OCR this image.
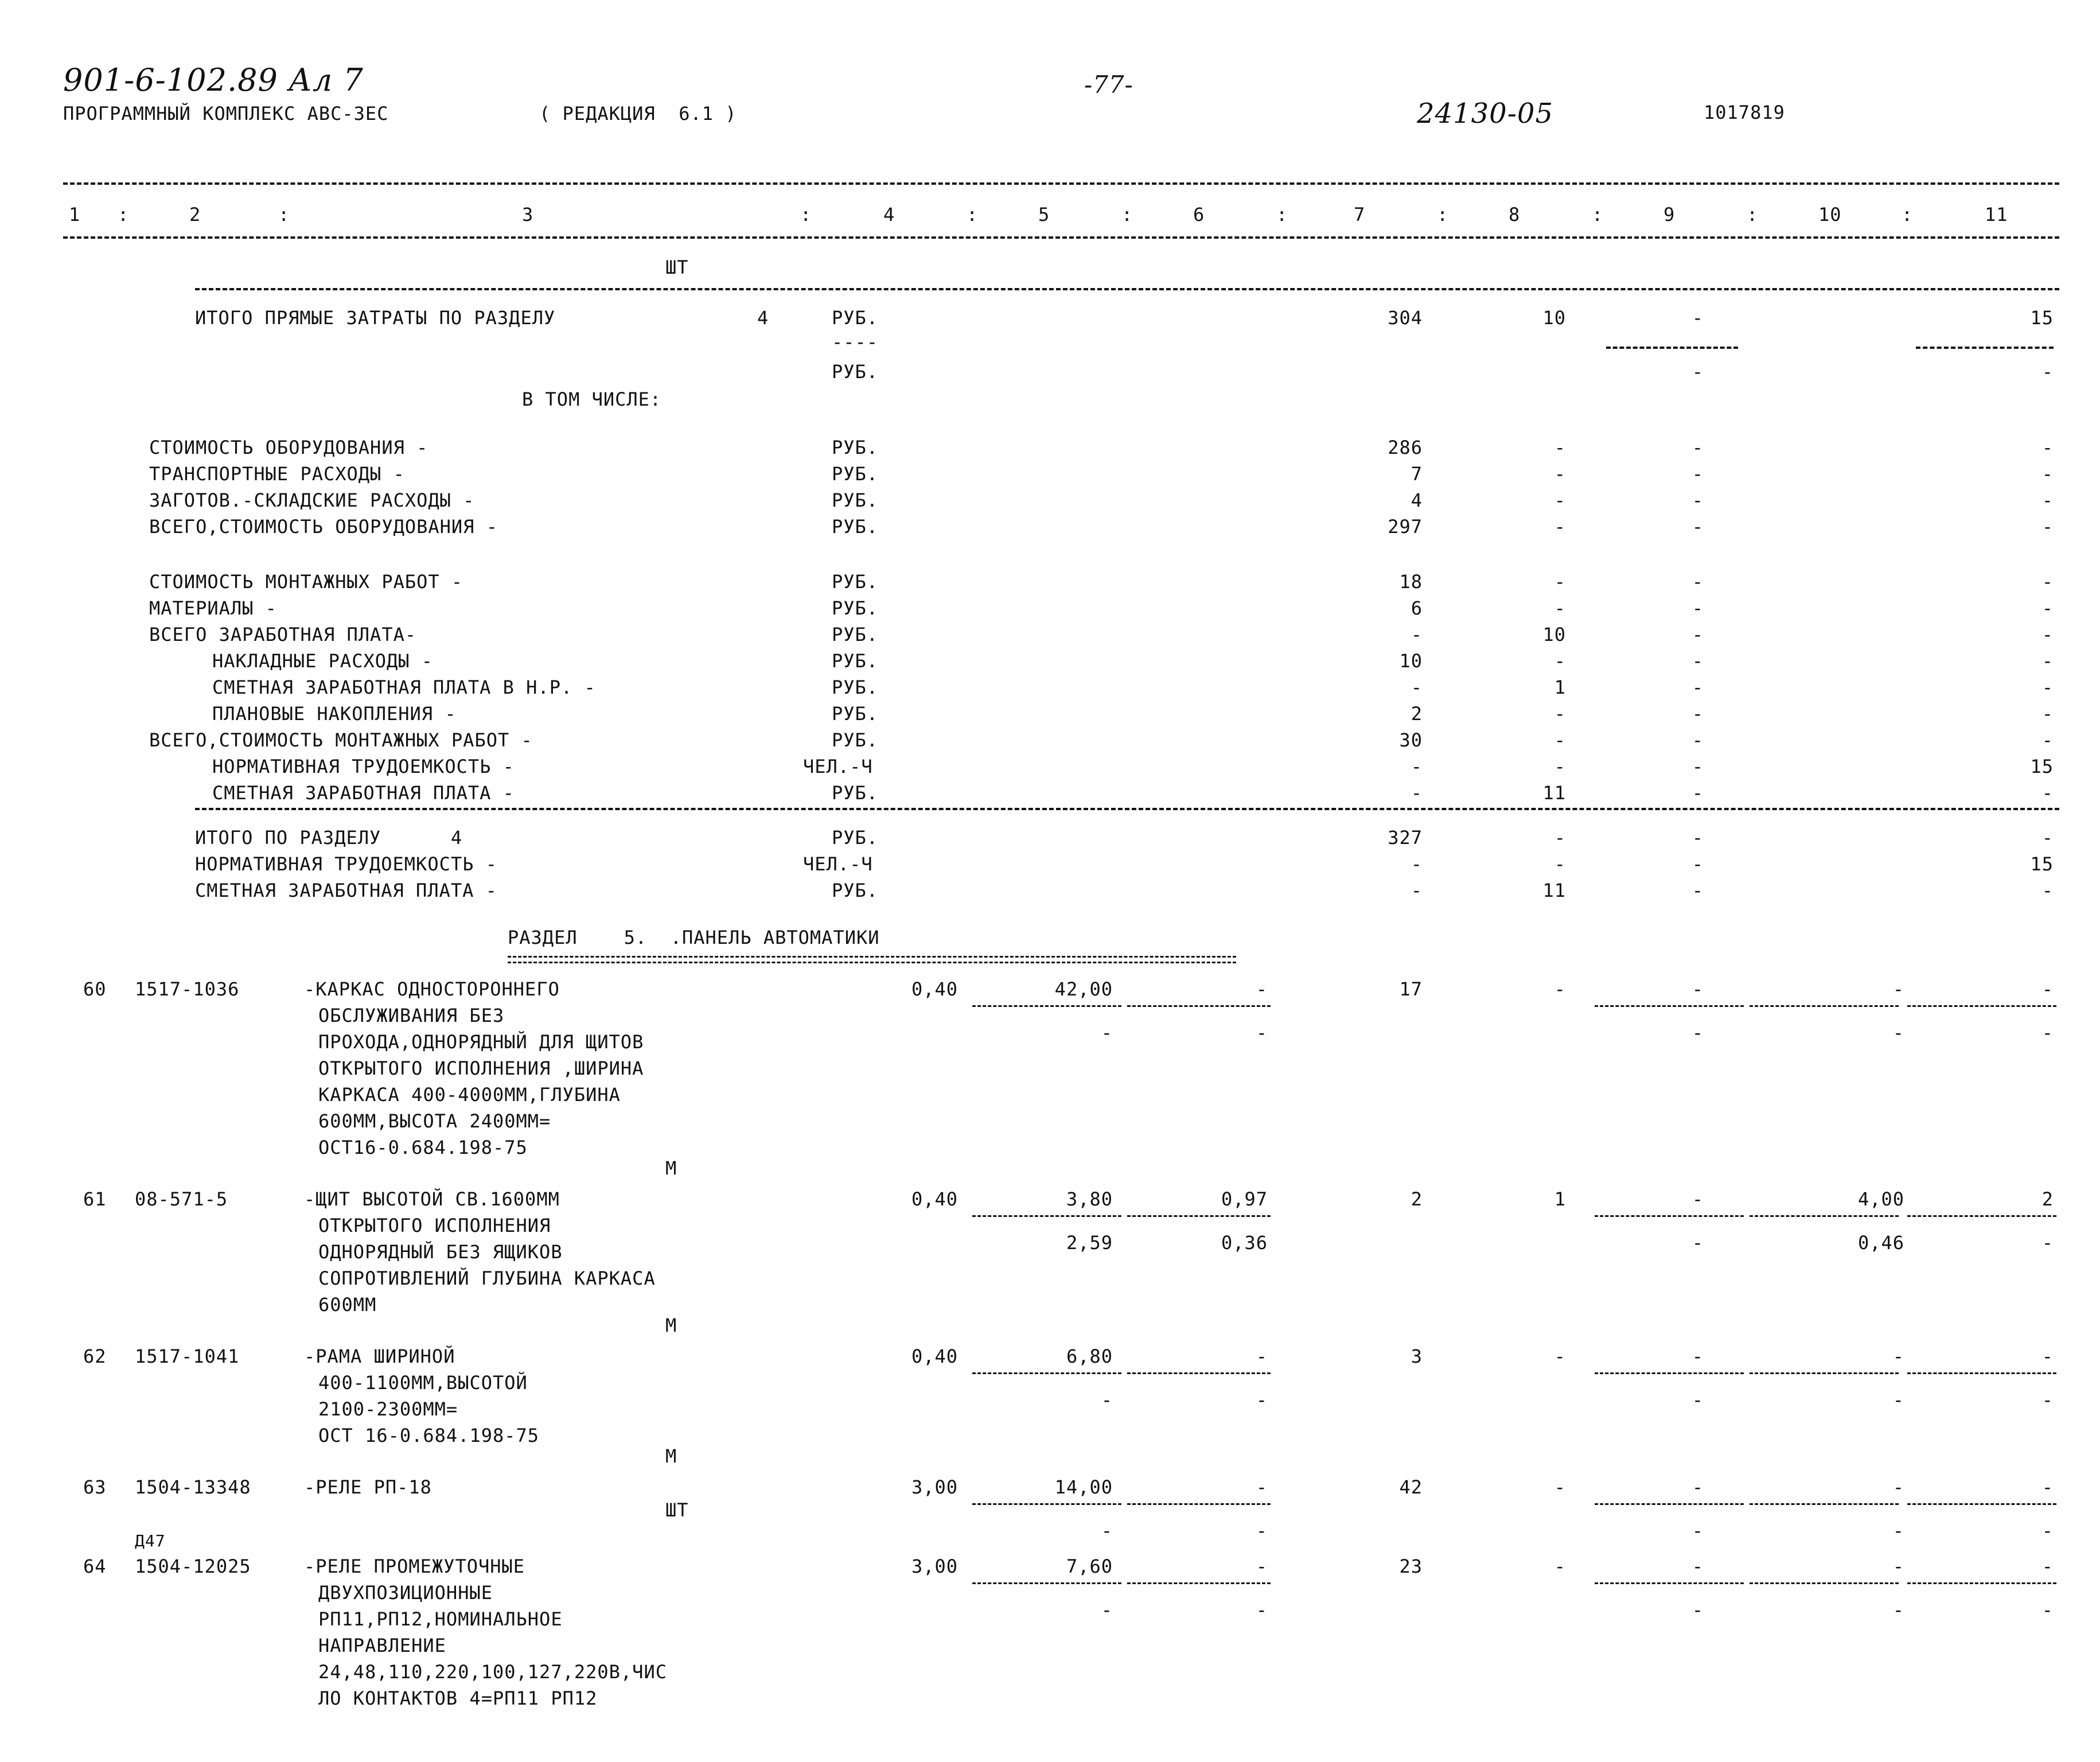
901-6-102.89 Ал 7
ПРОГРАММНЫЙ КОМПЛЕКС АВС-3ЕС	( РЕДАКЦИЯ  6.1 )
-77-
24130-05	1017819
1	2	3	4	5	6	7	8	9	10	11
:	:	:	:	:	:	:	:	:	:
ШТ
ИТОГО ПРЯМЫЕ ЗАТРАТЫ ПО РАЗДЕЛУ	4	РУБ.	304	10	-	15
----
РУБ.	-	-
В ТОМ ЧИСЛЕ:
СТОИМОСТЬ ОБОРУДОВАНИЯ -	РУБ.	286	-	-	-
ТРАНСПОРТНЫЕ РАСХОДЫ -	РУБ.	7	-	-	-
ЗАГОТОВ.-СКЛАДСКИЕ РАСХОДЫ -	РУБ.	4	-	-	-
ВСЕГО,СТОИМОСТЬ ОБОРУДОВАНИЯ -	РУБ.	297	-	-	-
СТОИМОСТЬ МОНТАЖНЫХ РАБОТ -	РУБ.	18	-	-	-
МАТЕРИАЛЫ -	РУБ.	6	-	-	-
ВСЕГО ЗАРАБОТНАЯ ПЛАТА-	РУБ.	-	10	-	-
НАКЛАДНЫЕ РАСХОДЫ -	РУБ.	10	-	-	-
СМЕТНАЯ ЗАРАБОТНАЯ ПЛАТА В Н.Р. -	РУБ.	-	1	-	-
ПЛАНОВЫЕ НАКОПЛЕНИЯ -	РУБ.	2	-	-	-
ВСЕГО,СТОИМОСТЬ МОНТАЖНЫХ РАБОТ -	РУБ.	30	-	-	-
НОРМАТИВНАЯ ТРУДОЕМКОСТЬ -	ЧЕЛ.-Ч	-	-	-	15
СМЕТНАЯ ЗАРАБОТНАЯ ПЛАТА -	РУБ.	-	11	-	-
ИТОГО ПО РАЗДЕЛУ      4	РУБ.	327	-	-	-
НОРМАТИВНАЯ ТРУДОЕМКОСТЬ -	ЧЕЛ.-Ч	-	-	-	15
СМЕТНАЯ ЗАРАБОТНАЯ ПЛАТА -	РУБ.	-	11	-	-
РАЗДЕЛ    5.  .ПАНЕЛЬ АВТОМАТИКИ
60 1517-1036	-КАРКАС ОДНОСТОРОННЕГО
ОБСЛУЖИВАНИЯ БЕЗ
ПРОХОДА,ОДНОРЯДНЫЙ ДЛЯ ЩИТОВ
ОТКРЫТОГО ИСПОЛНЕНИЯ ,ШИРИНА
КАРКАСА 400-4000ММ,ГЛУБИНА
600ММ,ВЫСОТА 2400ММ=
ОСТ16-0.684.198-75
М
0,40	42,00	-	17	-	-	-	-
-	-	-	-	-
61 08-571-5	-ЩИТ ВЫСОТОЙ СВ.1600ММ
ОТКРЫТОГО ИСПОЛНЕНИЯ
ОДНОРЯДНЫЙ БЕЗ ЯЩИКОВ
СОПРОТИВЛЕНИЙ ГЛУБИНА КАРКАСА
600ММ
М
0,40	3,80	0,97	2	1	-	4,00	2
2,59	0,36	-	0,46	-
62 1517-1041	-РАМА ШИРИНОЙ
400-1100ММ,ВЫСОТОЙ
2100-2300ММ=
ОСТ 16-0.684.198-75
М
0,40	6,80	-	3	-	-	-	-
-	-	-	-	-
63 1504-13348	-РЕЛЕ РП-18
ШТ
3,00	14,00	-	42	-	-	-	-
-	-	-	-	-
Д47
64 1504-12025	-РЕЛЕ ПРОМЕЖУТОЧНЫЕ
ДВУХПОЗИЦИОННЫЕ
РП11,РП12,НОМИНАЛЬНОЕ
НАПРАВЛЕНИЕ
24,48,110,220,100,127,220В,ЧИС
ЛО КОНТАКТОВ 4=РП11 РП12
3,00	7,60	-	23	-	-	-	-
-	-	-	-	-
